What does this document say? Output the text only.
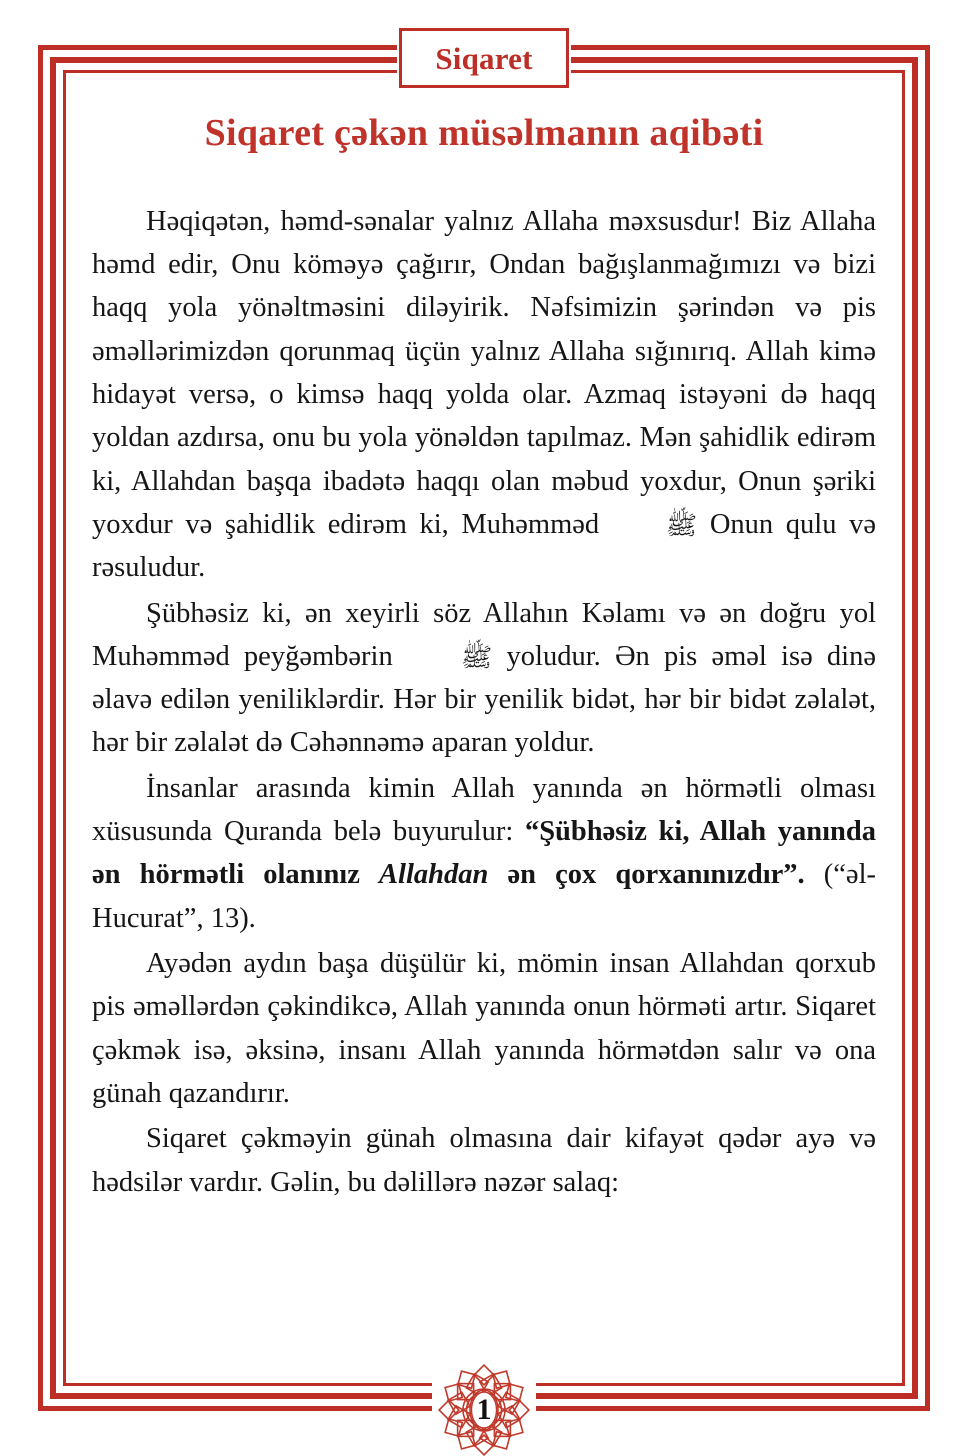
Siqaret
Siqaret çəkən müsəlmanın aqibəti

Həqiqətən, həmd-sənalar yalnız Allaha məxsusdur! Biz Allaha həmd edir, Onu köməyə çağırır, Ondan bağışlanmağımızı və bizi haqq yola yönəltməsini diləyirik. Nəfsimizin şərindən və pis əməllərimizdən qorunmaq üçün yalnız Allaha sığınırıq. Allah kimə hidayət versə, o kimsə haqq yolda olar. Azmaq istəyəni də haqq yoldan azdırsa, onu bu yola yönəldən tapılmaz. Mən şahidlik edirəm ki, Allahdan başqa ibadətə haqqı olan məbud yoxdur, Onun şəriki yoxdur və şahidlik edirəm ki, Muhəmməd ﷺ Onun qulu və rəsuludur.

Şübhəsiz ki, ən xeyirli söz Allahın Kəlamı və ən doğru yol Muhəmməd peyğəmbərin ﷺ yoludur. Ən pis əməl isə dinə əlavə edilən yeniliklərdir. Hər bir yenilik bidət, hər bir bidət zəlalət, hər bir zəlalət də Cəhənnəmə aparan yoldur.

İnsanlar arasında kimin Allah yanında ən hörmətli olması xüsusunda Quranda belə buyurulur: “Şübhəsiz ki, Allah yanında ən hörmətli olanınız Allahdan ən çox qorxanınızdır”. (“əl-Hucurat”, 13).

Ayədən aydın başa düşülür ki, mömin insan Allahdan qorxub pis əməllərdən çəkindikcə, Allah yanında onun hörməti artır. Siqaret çəkmək isə, əksinə, insanı Allah yanında hörmətdən salır və ona günah qazandırır.

Siqaret çəkməyin günah olmasına dair kifayət qədər ayə və hədsilər vardır. Gəlin, bu dəlillərə nəzər salaq:

1
